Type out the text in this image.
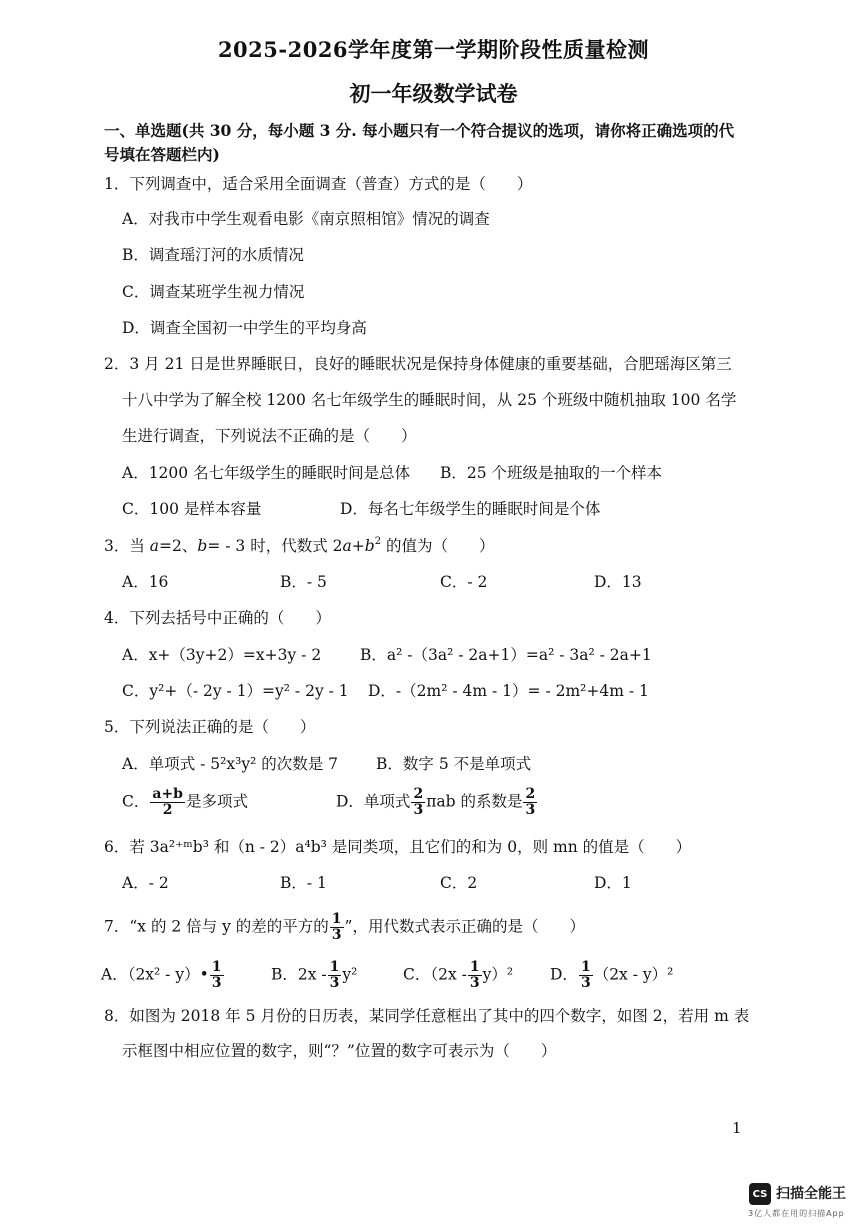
2025-2026学年度第一学期阶段性质量检测
初一年级数学试卷
一、单选题(共 30 分，每小题 3 分. 每小题只有一个符合提议的选项，请你将正确选项的代
号填在答题栏内)
1．下列调查中，适合采用全面调查（普查）方式的是（　　）
A．对我市中学生观看电影《南京照相馆》情况的调查
B．调查瑶汀河的水质情况
C．调查某班学生视力情况
D．调查全国初一中学生的平均身高
2．3 月 21 日是世界睡眠日，良好的睡眠状况是保持身体健康的重要基础，合肥瑶海区第三
十八中学为了解全校 1200 名七年级学生的睡眠时间，从 25 个班级中随机抽取 100 名学
生进行调查，下列说法不正确的是（　　）
A．1200 名七年级学生的睡眠时间是总体 B．25 个班级是抽取的一个样本
C．100 是样本容量	D．每名七年级学生的睡眠时间是个体
3．当 a=2、b= - 3 时，代数式 $2a+b^2$ 的值为（　　）
A．16	B．- 5	C．- 2	D．13
4．下列去括号中正确的（　　）
A．x+（3y+2）=x+3y - 2	B．a² -（3a² - 2a+1）=a² - 3a² - 2a+1
C．y²+（- 2y - 1）=y² - 2y - 1 D．-（2m² - 4m - 1）= - 2m²+4m - 1
5．下列说法正确的是（　　）
A．单项式 - 5²x³y² 的次数是 7 B．数字 5 不是单项式
C． $\frac{a+b}{2}$ 是多项式	D．单项式 $\frac{2}{3}$ πab 的系数是 $\frac{2}{3}$
6．若 3a²⁺ᵐb³ 和（n - 2）a⁴b³ 是同类项，且它们的和为 0，则 mn 的值是（　　）
A．- 2	B．- 1	C．2	D．1
7．“x 的 2 倍与 y 的差的平方的 $\frac{1}{3}$ ”，用代数式表示正确的是（　　）
A．（2x² - y）• $\frac{1}{3}$	B．$2x - \frac{1}{3} y^2$	C．$(2x - \frac{1}{3} y)^2$ D． $\frac{1}{3} (2x - y)^2$
8．如图为 2018 年 5 月份的日历表，某同学任意框出了其中的四个数字，如图 2，若用 m 表
示框图中相应位置的数字，则“？”位置的数字可表示为（　　）
1
CS 扫描全能王
3亿人都在用的扫描App
